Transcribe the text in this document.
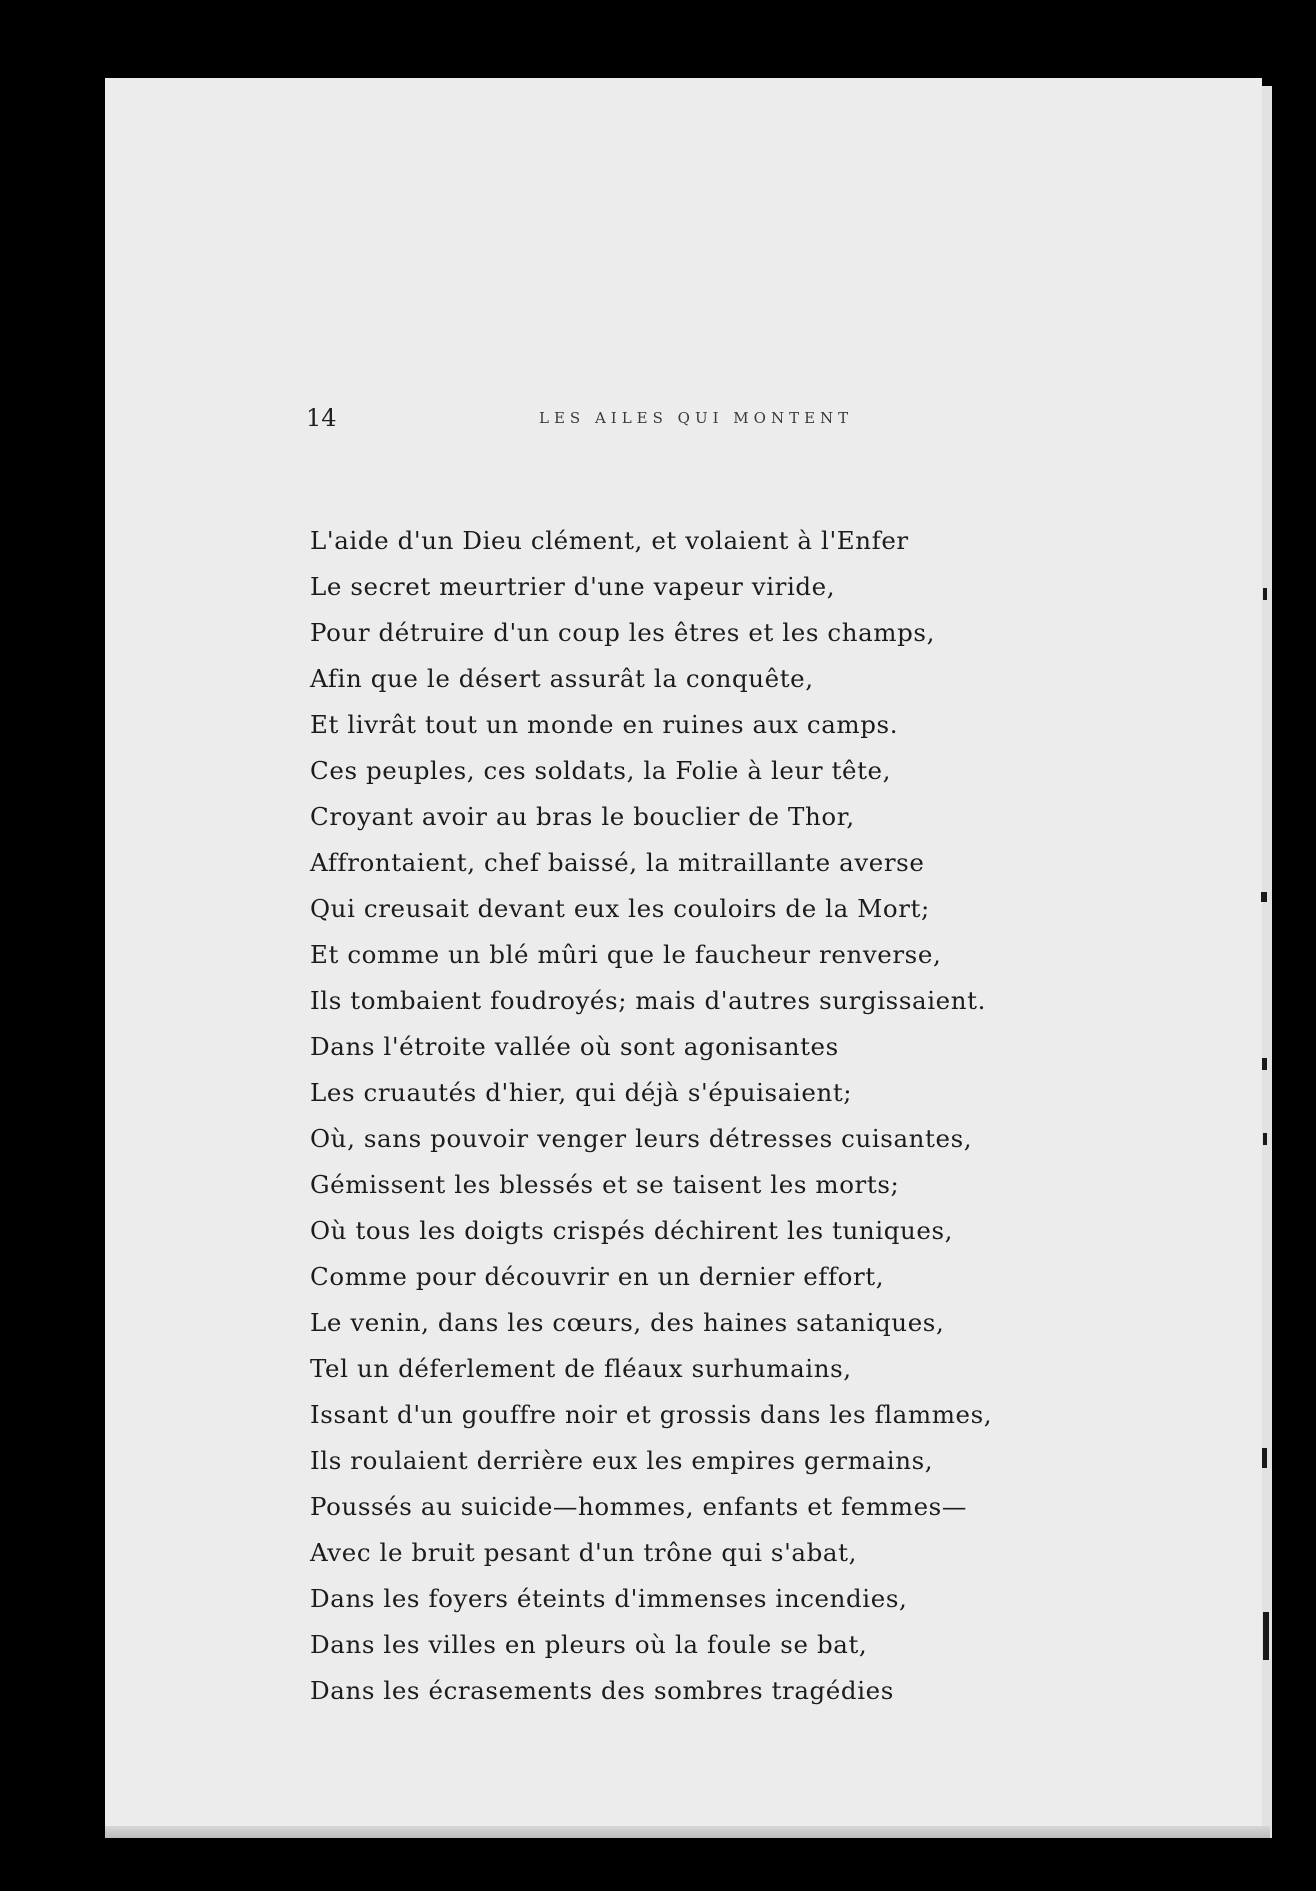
14	LES AILES QUI MONTENT
L'aide d'un Dieu clément, et volaient à l'Enfer
Le secret meurtrier d'une vapeur viride,
Pour détruire d'un coup les êtres et les champs,
Afin que le désert assurât la conquête,
Et livrât tout un monde en ruines aux camps.
Ces peuples, ces soldats, la Folie à leur tête,
Croyant avoir au bras le bouclier de Thor,
Affrontaient, chef baissé, la mitraillante averse
Qui creusait devant eux les couloirs de la Mort;
Et comme un blé mûri que le faucheur renverse,
Ils tombaient foudroyés; mais d'autres surgissaient.
Dans l'étroite vallée où sont agonisantes
Les cruautés d'hier, qui déjà s'épuisaient;
Où, sans pouvoir venger leurs détresses cuisantes,
Gémissent les blessés et se taisent les morts;
Où tous les doigts crispés déchirent les tuniques,
Comme pour découvrir en un dernier effort,
Le venin, dans les cœurs, des haines sataniques,
Tel un déferlement de fléaux surhumains,
Issant d'un gouffre noir et grossis dans les flammes,
Ils roulaient derrière eux les empires germains,
Poussés au suicide—hommes, enfants et femmes—
Avec le bruit pesant d'un trône qui s'abat,
Dans les foyers éteints d'immenses incendies,
Dans les villes en pleurs où la foule se bat,
Dans les écrasements des sombres tragédies
